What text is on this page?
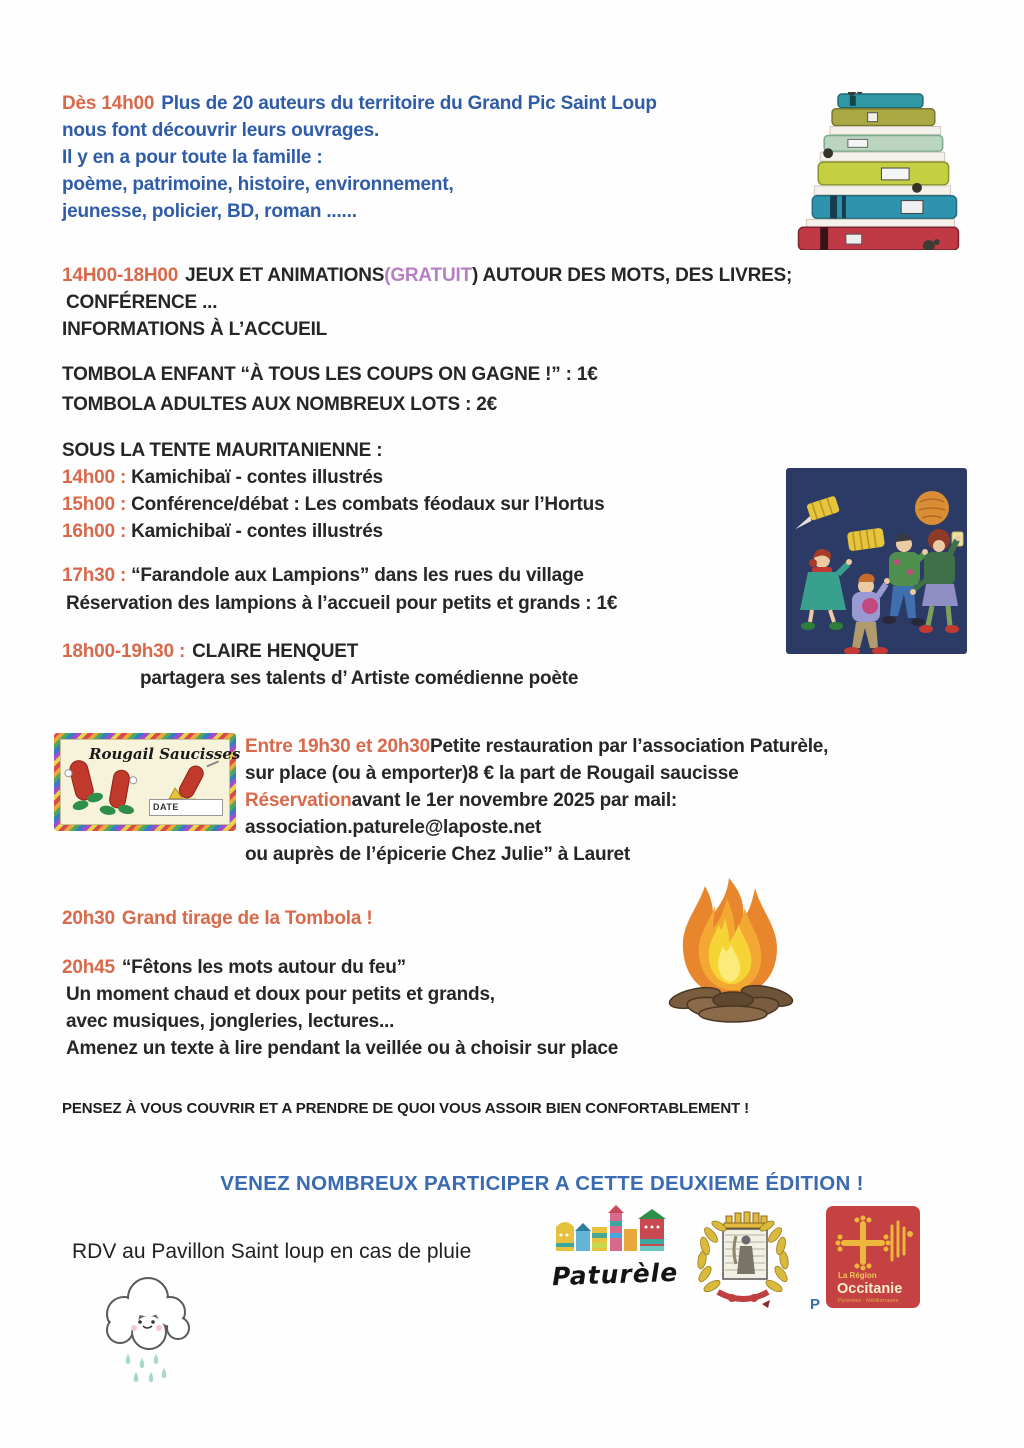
Dès 14h00 Plus de 20 auteurs du territoire du Grand Pic Saint Loup
nous font découvrir leurs ouvrages.
Il y en a pour toute la famille :
poème, patrimoine, histoire, environnement,
jeunesse, policier, BD, roman ......
14H00-18H00 JEUX ET ANIMATIONS(GRATUIT) AUTOUR DES MOTS, DES LIVRES;
CONFÉRENCE ...
INFORMATIONS À L’ACCUEIL
TOMBOLA ENFANT “À TOUS LES COUPS ON GAGNE !” : 1€
TOMBOLA ADULTES AUX NOMBREUX LOTS : 2€
SOUS LA TENTE MAURITANIENNE :
14h00 : Kamichibaï - contes illustrés
15h00 : Conférence/débat : Les combats féodaux sur l’Hortus
16h00 : Kamichibaï - contes illustrés
17h30 : “Farandole aux Lampions” dans les rues du village
Réservation des lampions à l’accueil pour petits et grands : 1€
18h00-19h30 : CLAIRE HENQUET
partagera ses talents d’ Artiste comédienne poète
Rougail Saucisses
DATE
Entre 19h30 et 20h30Petite restauration par l’association Paturèle,
sur place (ou à emporter)8 € la part de Rougail saucisse
Réservationavant le 1er novembre 2025 par mail:
association.paturele@laposte.net
ou auprès de l’épicerie Chez Julie” à Lauret
20h30 Grand tirage de la Tombola !
20h45 “Fêtons les mots autour du feu”
Un moment chaud et doux pour petits et grands,
avec musiques, jongleries, lectures...
Amenez un texte à lire pendant la veillée ou à choisir sur place
PENSEZ À VOUS COUVRIR ET A PRENDRE DE QUOI VOUS ASSOIR BIEN CONFORTABLEMENT !
VENEZ NOMBREUX PARTICIPER A CETTE DEUXIEME ÉDITION !
Paturèle	La Région
Occitanie
Pyrénées - Méditerranée
P
RDV au Pavillon Saint loup en cas de pluie
